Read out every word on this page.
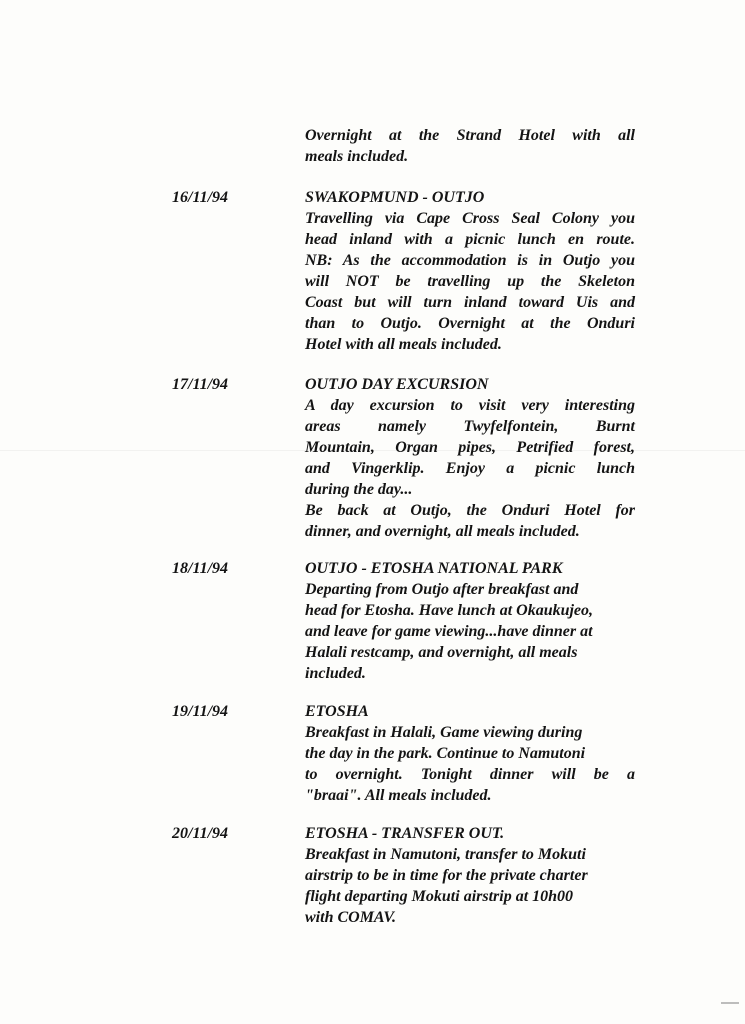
Overnight at the Strand Hotel with all
meals included.
16/11/94	SWAKOPMUND - OUTJO
Travelling via Cape Cross Seal Colony you
head inland with a picnic lunch en route.
NB: As the accommodation is in Outjo you
will NOT be travelling up the Skeleton
Coast but will turn inland toward Uis and
than to Outjo. Overnight at the Onduri
Hotel with all meals included.
17/11/94	OUTJO DAY EXCURSION
A day excursion to visit very interesting
areas namely Twyfelfontein, Burnt
Mountain, Organ pipes, Petrified forest,
and Vingerklip. Enjoy a picnic lunch
during the day...
Be back at Outjo, the Onduri Hotel for
dinner, and overnight, all meals included.
18/11/94	OUTJO - ETOSHA NATIONAL PARK
Departing from Outjo after breakfast and
head for Etosha. Have lunch at Okaukujeo,
and leave for game viewing...have dinner at
Halali restcamp, and overnight, all meals
included.
19/11/94	ETOSHA
Breakfast in Halali, Game viewing during
the day in the park. Continue to Namutoni
to overnight. Tonight dinner will be a
"braai". All meals included.
20/11/94	ETOSHA - TRANSFER OUT.
Breakfast in Namutoni, transfer to Mokuti
airstrip to be in time for the private charter
flight departing Mokuti airstrip at 10h00
with COMAV.
